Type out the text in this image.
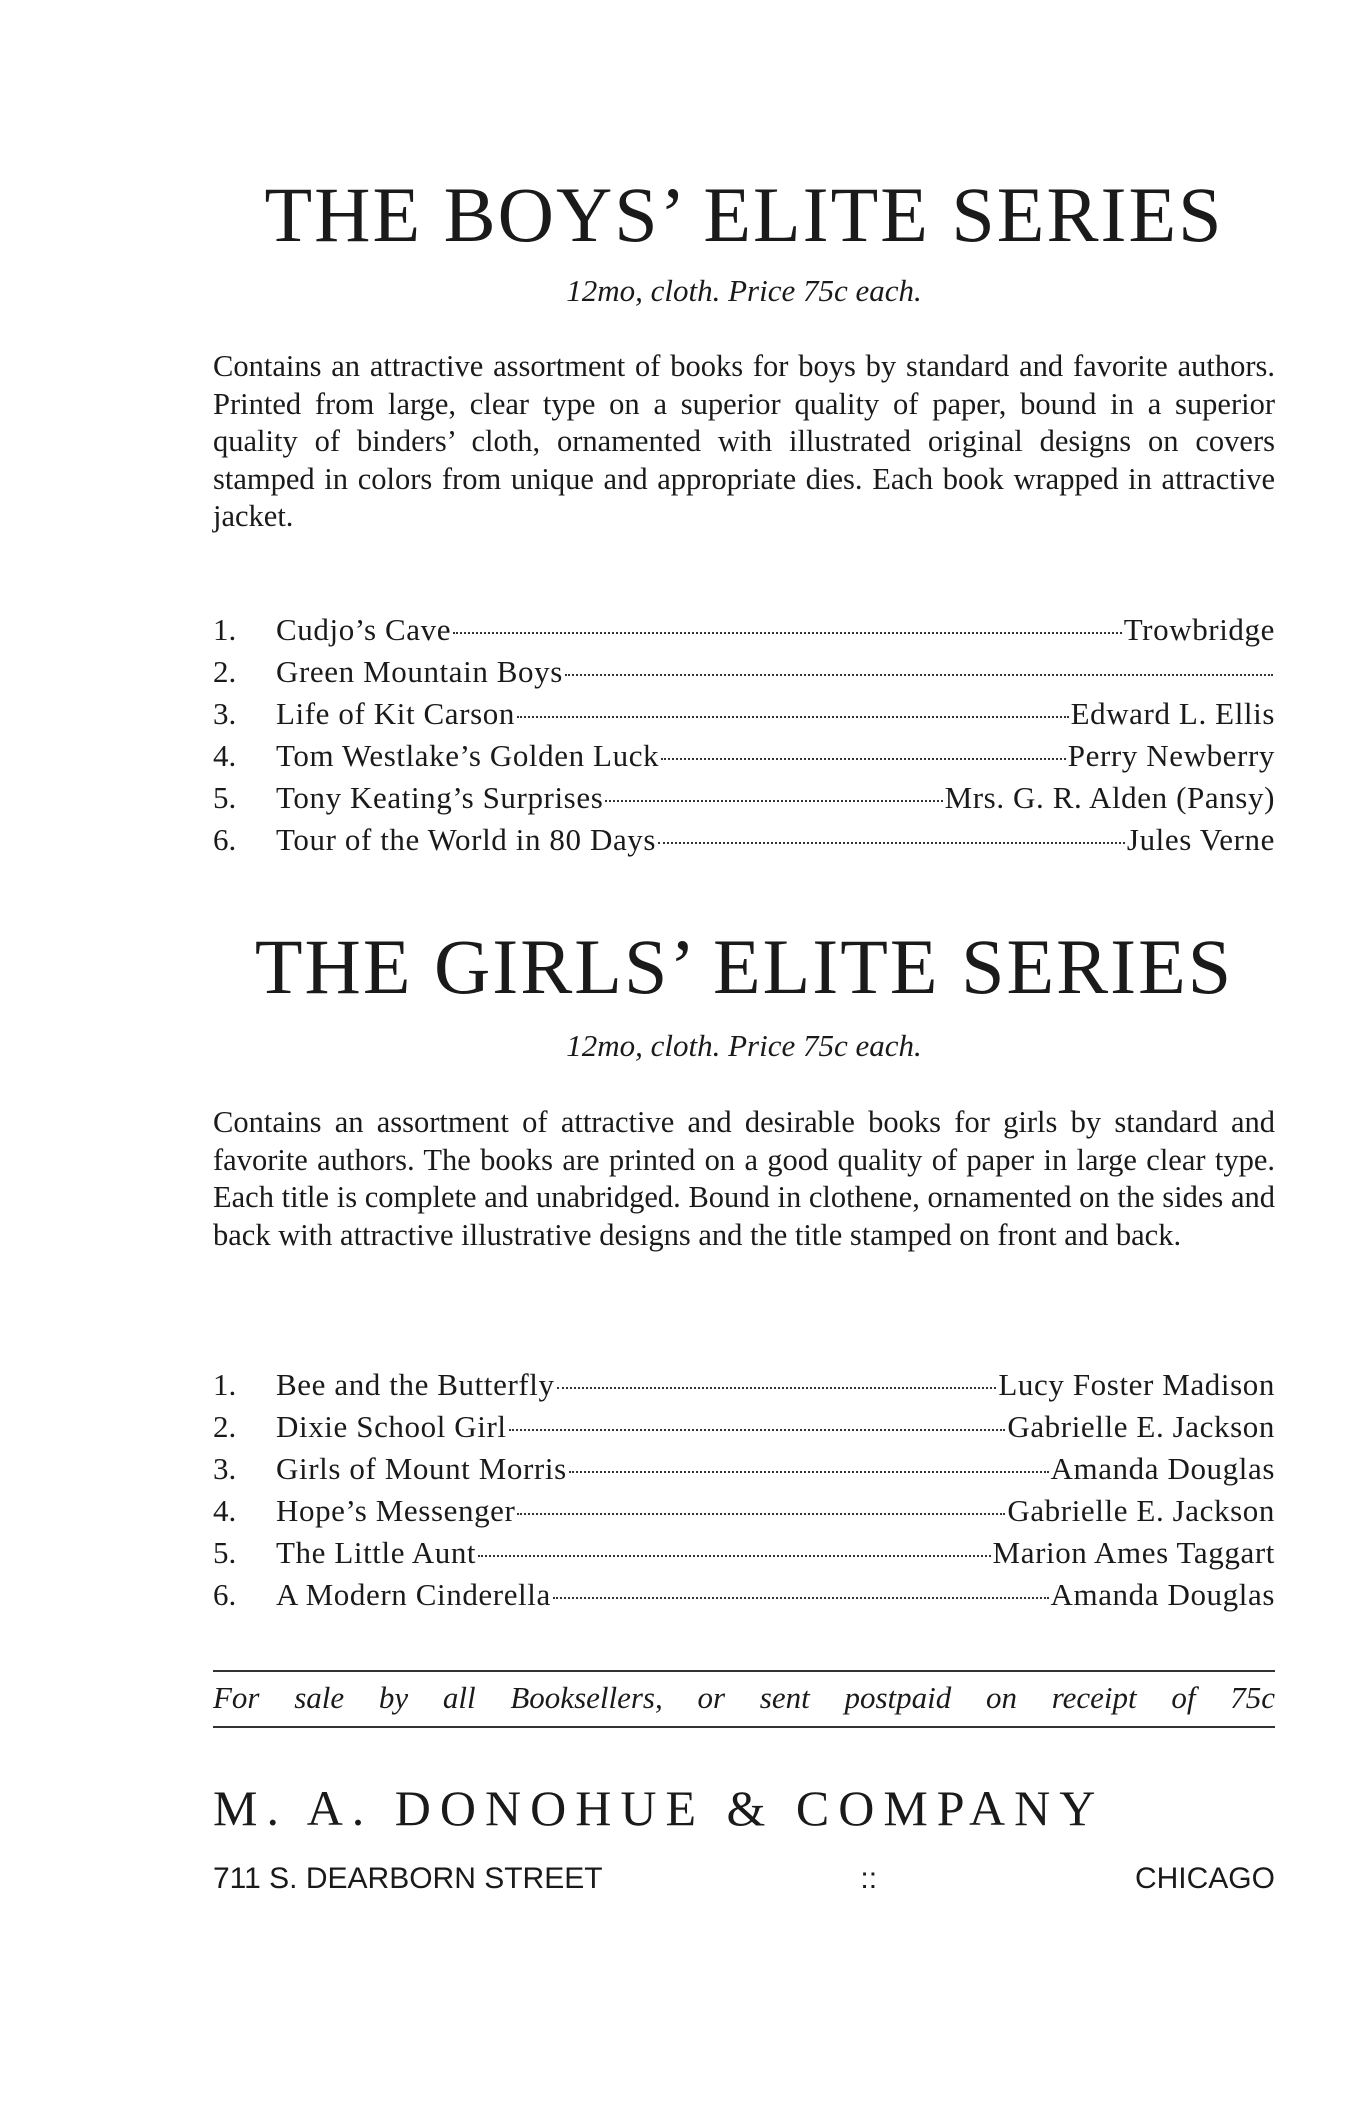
THE BOYS’ ELITE SERIES
12mo, cloth. Price 75c each.

Contains an attractive assortment of books for boys by standard and favorite authors. Printed from large, clear type on a superior quality of paper, bound in a superior quality of binders’ cloth, ornamented with illustrated original designs on covers stamped in colors from unique and appropriate dies. Each book wrapped in attractive jacket.

1.	Cudjo’s Cave	Trowbridge
2.	Green Mountain Boys
3.	Life of Kit Carson	Edward L. Ellis
4.	Tom Westlake’s Golden Luck	Perry Newberry
5.	Tony Keating’s Surprises	Mrs. G. R. Alden (Pansy)
6.	Tour of the World in 80 Days	Jules Verne
THE GIRLS’ ELITE SERIES
12mo, cloth. Price 75c each.

Contains an assortment of attractive and desirable books for girls by standard and favorite authors. The books are printed on a good quality of paper in large clear type. Each title is complete and unabridged. Bound in clothene, ornamented on the sides and back with attractive illustrative designs and the title stamped on front and back.

1.	Bee and the Butterfly	Lucy Foster Madison
2.	Dixie School Girl	Gabrielle E. Jackson
3.	Girls of Mount Morris	Amanda Douglas
4.	Hope’s Messenger	Gabrielle E. Jackson
5.	The Little Aunt	Marion Ames Taggart
6.	A Modern Cinderella	Amanda Douglas
For sale by all Booksellers, or sent postpaid on receipt of 75c
M. A. DONOHUE & COMPANY
711 S. DEARBORN STREET	::	CHICAGO
